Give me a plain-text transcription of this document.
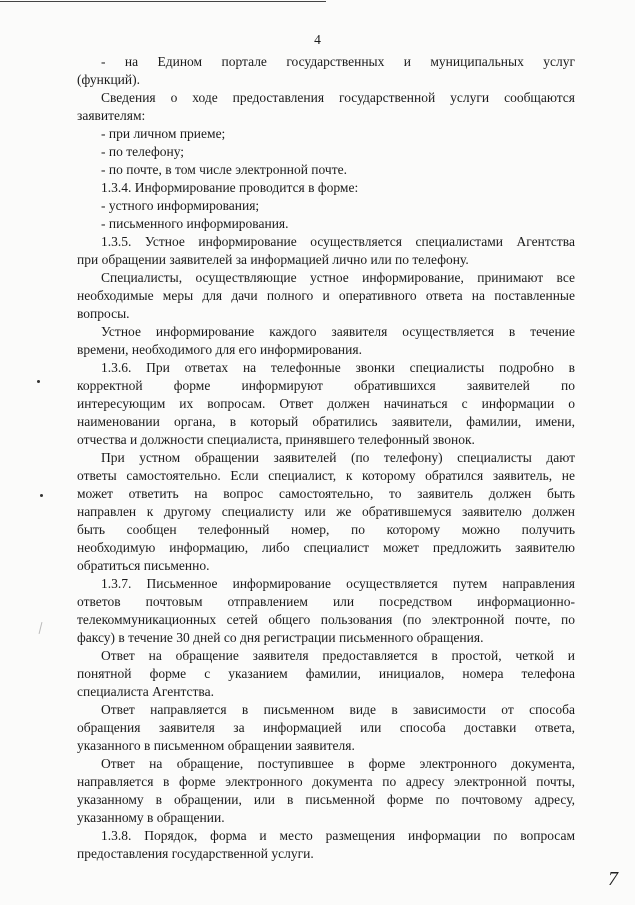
4
- на Едином портале государственных и муниципальных услуг
(функций).
Сведения о ходе предоставления государственной услуги сообщаются
заявителям:
- при личном приеме;
- по телефону;
- по почте, в том числе электронной почте.
1.3.4. Информирование проводится в форме:
- устного информирования;
- письменного информирования.
1.3.5. Устное информирование осуществляется специалистами Агентства
при обращении заявителей за информацией лично или по телефону.
Специалисты, осуществляющие устное информирование, принимают все
необходимые меры для дачи полного и оперативного ответа на поставленные
вопросы.
Устное информирование каждого заявителя осуществляется в течение
времени, необходимого для его информирования.
1.3.6. При ответах на телефонные звонки специалисты подробно в
корректной форме информируют обратившихся заявителей по
интересующим их вопросам. Ответ должен начинаться с информации о
наименовании органа, в который обратились заявители, фамилии, имени,
отчества и должности специалиста, принявшего телефонный звонок.
При устном обращении заявителей (по телефону) специалисты дают
ответы самостоятельно. Если специалист, к которому обратился заявитель, не
может ответить на вопрос самостоятельно, то заявитель должен быть
направлен к другому специалисту или же обратившемуся заявителю должен
быть сообщен телефонный номер, по которому можно получить
необходимую информацию, либо специалист может предложить заявителю
обратиться письменно.
1.3.7. Письменное информирование осуществляется путем направления
ответов почтовым отправлением или посредством информационно-
телекоммуникационных сетей общего пользования (по электронной почте, по
факсу) в течение 30 дней со дня регистрации письменного обращения.
Ответ на обращение заявителя предоставляется в простой, четкой и
понятной форме с указанием фамилии, инициалов, номера телефона
специалиста Агентства.
Ответ направляется в письменном виде в зависимости от способа
обращения заявителя за информацией или способа доставки ответа,
указанного в письменном обращении заявителя.
Ответ на обращение, поступившее в форме электронного документа,
направляется в форме электронного документа по адресу электронной почты,
указанному в обращении, или в письменной форме по почтовому адресу,
указанному в обращении.
1.3.8. Порядок, форма и место размещения информации по вопросам
предоставления государственной услуги.
7
